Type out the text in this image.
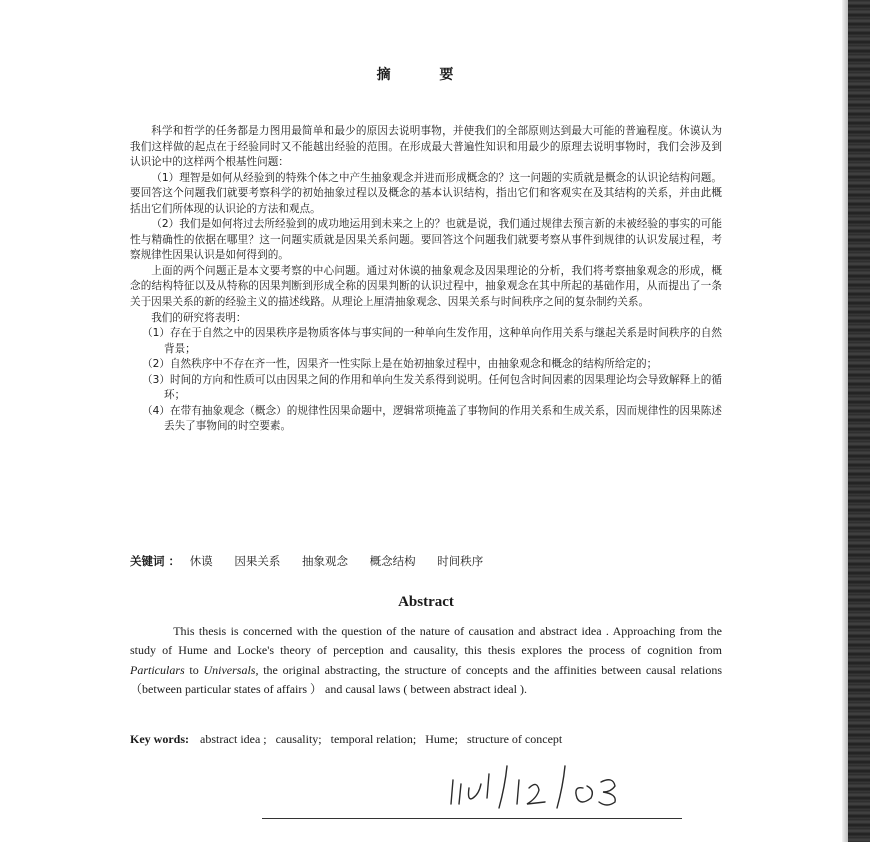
摘 要

科学和哲学的任务都是力图用最简单和最少的原因去说明事物，并使我们的全部原则达到最大可能的普遍程度。休谟认为我们这样做的起点在于经验同时又不能越出经验的范围。在形成最大普遍性知识和用最少的原理去说明事物时，我们会涉及到认识论中的这样两个根基性问题：

（1）理智是如何从经验到的特殊个体之中产生抽象观念并进而形成概念的？这一问题的实质就是概念的认识论结构问题。要回答这个问题我们就要考察科学的初始抽象过程以及概念的基本认识结构，指出它们和客观实在及其结构的关系，并由此概括出它们所体现的认识论的方法和观点。

（2）我们是如何将过去所经验到的成功地运用到未来之上的？也就是说，我们通过规律去预言新的未被经验的事实的可能性与精确性的依据在哪里？这一问题实质就是因果关系问题。要回答这个问题我们就要考察从事件到规律的认识发展过程，考察规律性因果认识是如何得到的。

上面的两个问题正是本文要考察的中心问题。通过对休谟的抽象观念及因果理论的分析，我们将考察抽象观念的形成，概念的结构特征以及从特称的因果判断到形成全称的因果判断的认识过程中，抽象观念在其中所起的基础作用，从而提出了一条关于因果关系的新的经验主义的描述线路。从理论上厘清抽象观念、因果关系与时间秩序之间的复杂制约关系。

我们的研究将表明：

（1）存在于自然之中的因果秩序是物质客体与事实间的一种单向生发作用，这种单向作用关系与继起关系是时间秩序的自然背景；
（2）自然秩序中不存在齐一性，因果齐一性实际上是在始初抽象过程中，由抽象观念和概念的结构所给定的；
（3）时间的方向和性质可以由因果之间的作用和单向生发关系得到说明。任何包含时间因素的因果理论均会导致解释上的循环；
（4）在带有抽象观念（概念）的规律性因果命题中，逻辑常项掩盖了事物间的作用关系和生成关系，因而规律性的因果陈述丢失了事物间的时空要素。
关键词 ： 休谟 因果关系 抽象观念 概念结构 时间秩序
Abstract

This thesis is concerned with the question of the nature of causation and abstract idea . Approaching from the study of Hume and Locke's theory of perception and causality, this thesis explores the process of cognition from Particulars to Universals, the original abstracting, the structure of concepts and the affinities between causal relations（between particular states of affairs ） and causal laws ( between abstract ideal ).

Key words: abstract idea ; causality; temporal relation; Hume; structure of concept
